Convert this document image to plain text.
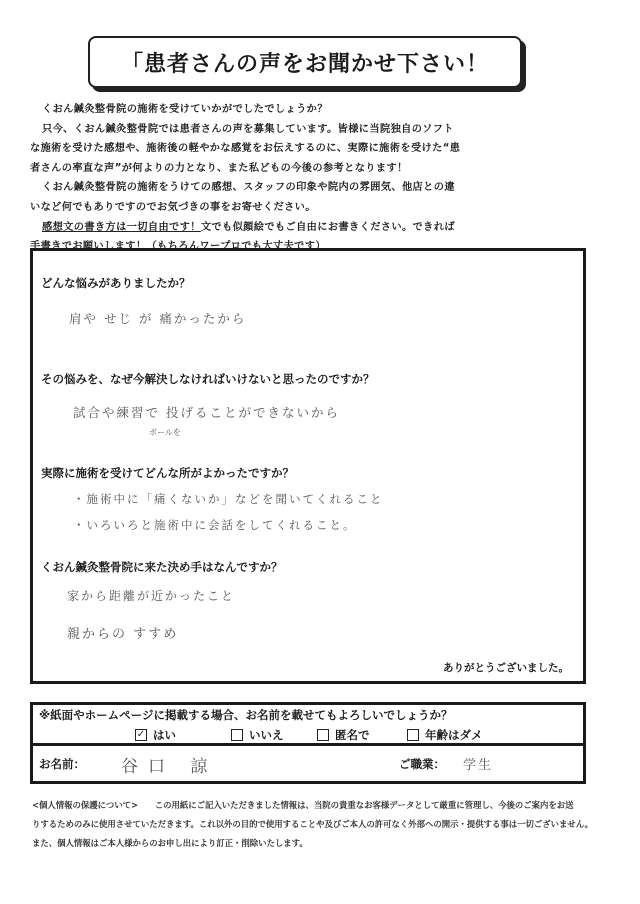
「患者さんの声をお聞かせ下さい！

くおん鍼灸整骨院の施術を受けていかがでしたでしょうか？

只今、くおん鍼灸整骨院では患者さんの声を募集しています。皆様に当院独自のソフト

な施術を受けた感想や、施術後の軽やかな感覚をお伝えするのに、実際に施術を受けた“患

者さんの率直な声”が何よりの力となり、また私どもの今後の参考となります！

くおん鍼灸整骨院の施術をうけての感想、スタッフの印象や院内の雰囲気、他店との違

いなど何でもありですのでお気づきの事をお寄せください。

感想文の書き方は一切自由です！文でも似顔絵でもご自由にお書きください。できれば

手書きでお願いします！（もちろんワープロでも大丈夫です）

どんな悩みがありましたか？
肩や せじ が 痛かったから
その悩みを、なぜ今解決しなければいけないと思ったのですか？
試合や練習で 投げることができないから
ボールを
実際に施術を受けてどんな所がよかったですか？
・施術中に「痛くないか」などを聞いてくれること
・いろいろと施術中に会話をしてくれること。
くおん鍼灸整骨院に来た決め手はなんですか？
家から距離が近かったこと
親からの すすめ
ありがとうございました。
※紙面やホームページに掲載する場合、お名前を載せてもよろしいでしょうか？
✓ はい	いいえ	匿名で	年齢はダメ
お名前： 谷口 諒	ご職業： 学生

<個人情報の保護について>　　この用紙にご記入いただきました情報は、当院の貴重なお客様データとして厳重に管理し、今後のご案内をお送

りするためのみに使用させていただきます。これ以外の目的で使用することや及びご本人の許可なく外部への開示・提供する事は一切ございません。

また、個人情報はご本人様からのお申し出により訂正・削除いたします。
